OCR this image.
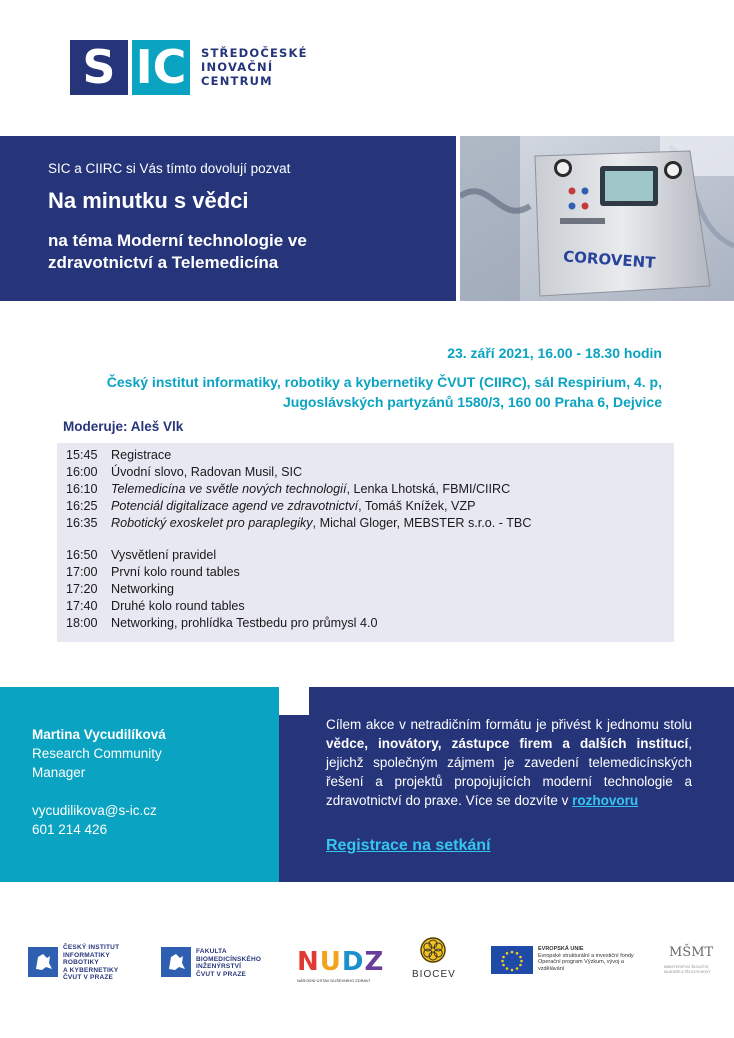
S IC	STŘEDOČESKÉ
INOVAČNÍ
CENTRUM
SIC a CIIRC si Vás tímto dovolují pozvat
Na minutku s vědci
na téma Moderní technologie ve zdravotnictví a Telemedicína	COROVENT
23. září 2021, 16.00 - 18.30 hodin
Český institut informatiky, robotiky a kybernetiky ČVUT (CIIRC), sál Respirium, 4. p,
Jugoslávských partyzánů 1580/3, 160 00 Praha 6, Dejvice
Moderuje: Aleš Vlk
15:45 Registrace
16:00 Úvodní slovo, Radovan Musil, SIC
16:10 Telemedicína ve světle nových technologií, Lenka Lhotská, FBMI/CIIRC
16:25 Potenciál digitalizace agend ve zdravotnictví, Tomáš Knížek, VZP
16:35 Robotický exoskelet pro paraplegiky, Michal Gloger, MEBSTER s.r.o. - TBC
16:50 Vysvětlení pravidel
17:00 První kolo round tables
17:20 Networking
17:40 Druhé kolo round tables
18:00 Networking, prohlídka Testbedu pro průmysl 4.0
Martina Vycudilíková
Research Community
Manager
vycudilikova@s-ic.cz
601 214 426
Cílem akce v netradičním formátu je přivést k jednomu stolu vědce, inovátory, zástupce firem a dalších institucí, jejichž společným zájmem je zavedení telemedicínských řešení a projektů propojujících moderní technologie a zdravotnictví do praxe. Více se dozvíte v rozhovoru
Registrace na setkání
ČESKÝ INSTITUT
INFORMATIKY
ROBOTIKY
A KYBERNETIKY
ČVUT V PRAZE
FAKULTA
BIOMEDICÍNSKÉHO
INŽENÝRSTVÍ
ČVUT V PRAZE	NUDZ
NÁRODNÍ ÚSTAV DUŠEVNÍHO ZDRAVÍ
BIOCEV
EVROPSKÁ UNIE
Evropské strukturální a investiční fondy
Operační program Výzkum, vývoj a vzdělávání
MŠMT
MINISTERSTVO ŠKOLSTVÍ, MLÁDEŽE A TĚLOVÝCHOVY
